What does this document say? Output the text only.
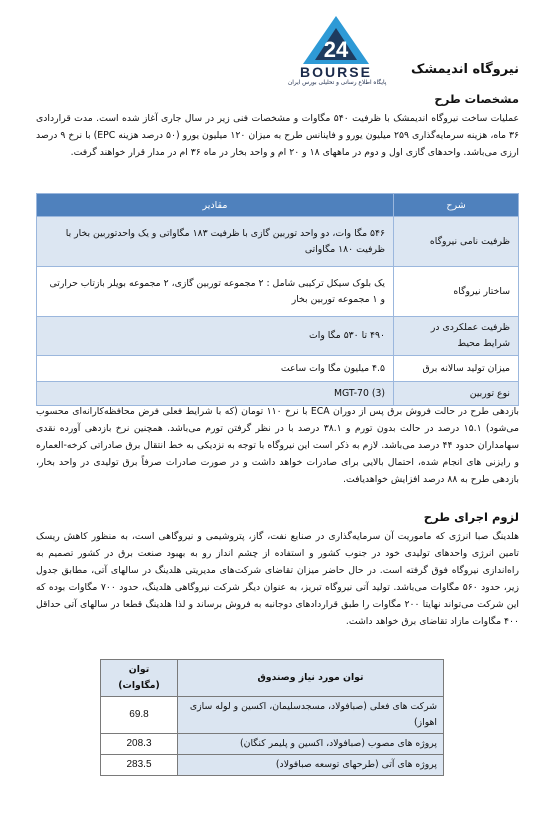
24
BOURSE
پایگاه اطلاع رسانی و تحلیلی بورس ایران
نیروگاه اندیمشک
مشخصات طرح
عملیات ساخت نیروگاه اندیمشک با ظرفیت ۵۴۰ مگاوات و مشخصات فنی زیر در سال جاری آغاز شده است. مدت قراردادی ۳۶ ماه، هزینه سرمایه‌گذاری ۲۵۹ میلیون یورو و فاینانس طرح به میزان ۱۲۰ میلیون یورو (۵۰ درصد هزینه EPC) با نرخ ۹ درصد ارزی می‌باشد. واحدهای گازی اول و دوم در ماههای ۱۸ و ۲۰ ام و واحد بخار در ماه ۳۶ ام در مدار قرار خواهند گرفت.
شرح	مقادیر
ظرفیت نامی نیروگاه	۵۴۶ مگا وات، دو واحد توربین گازی با ظرفیت ۱۸۳ مگاواتی و یک واحدتوربین بخار با ظرفیت ۱۸۰ مگاواتی
ساختار نیروگاه	یک بلوک سیکل ترکیبی شامل : ۲ مجموعه توربین گازی، ۲ مجموعه بویلر بازتاب حرارتی و ۱ مجموعه توربین بخار
ظرفیت عملکردی در شرایط محیط	۴۹۰ تا ۵۳۰ مگا وات
میزان تولید سالانه برق	۴.۵ میلیون مگا وات ساعت
نوع توربین	MGT-70 (3)
بازدهی طرح در حالت فروش برق پس از دوران ECA با نرخ ۱۱۰ تومان (که با شرایط فعلی فرض محافظه‌کارانه‌ای محسوب می‌شود) ۱۵.۱ درصد در حالت بدون تورم و ۳۸.۱ درصد با در نظر گرفتن تورم می‌باشد. همچنین نرخ بازدهی آورده نقدی سهامداران حدود ۴۴ درصد می‌باشد. لازم به ذکر است این نیروگاه با توجه به نزدیکی به خط انتقال برق صادراتی کرخه-العماره و رایزنی های انجام شده، احتمال بالایی برای صادرات خواهد داشت و در صورت صادرات صرفاً برق تولیدی در واحد بخار، بازدهی طرح به ۸۸ درصد افزایش خواهدیافت.
لزوم اجرای طرح
هلدینگ صبا انرژی که ماموریت آن سرمایه‌گذاری در صنایع نفت، گاز، پتروشیمی و نیروگاهی است، به منظور کاهش ریسک تامین انرژی واحدهای تولیدی خود در جنوب کشور و استفاده از چشم انداز رو به بهبود صنعت برق در کشور تصمیم به راه‌اندازی نیروگاه فوق گرفته است. در حال حاضر میزان تقاضای شرکت‌های مدیریتی هلدینگ در سالهای آتی، مطابق جدول زیر، حدود ۵۶۰ مگاوات می‌باشد. تولید آتی نیروگاه تبریز، به عنوان دیگر شرکت نیروگاهی هلدینگ، حدود ۷۰۰ مگاوات بوده که این شرکت می‌تواند نهایتا ۲۰۰ مگاوات را طبق قراردادهای دوجانبه به فروش برساند و لذا هلدینگ قطعا در سالهای آتی حداقل ۴۰۰ مگاوات مازاد تقاضای برق خواهد داشت.
توان مورد نیاز وصندوق	توان (مگاوات)
شرکت های فعلی (صبافولاد، مسجدسلیمان، اکسین و لوله سازی اهواز)	69.8
پروژه های مصوب (صبافولاد، اکسین و پلیمر کنگان)	208.3
پروژه های آتی (طرحهای توسعه صبافولاد)	283.5
